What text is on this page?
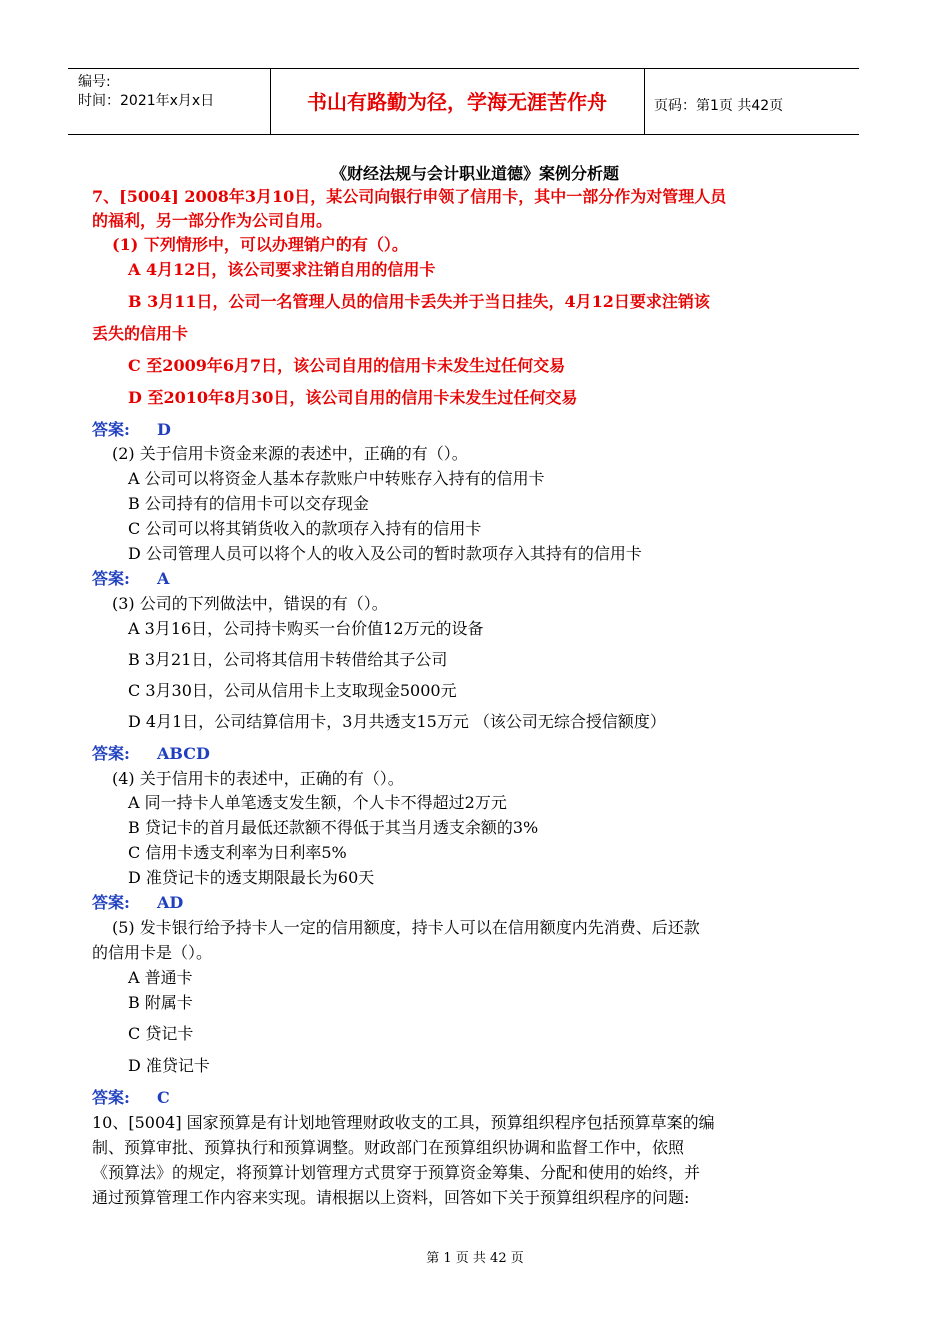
编号:
时间：2021年x月x日	书山有路勤为径，学海无涯苦作舟	页码：第1页 共42页
《财经法规与会计职业道德》案例分析题
7、[5004] 2008年3月10日，某公司向银行申领了信用卡，其中一部分作为对管理人员
的福利，另一部分作为公司自用。
(1) 下列情形中，可以办理销户的有（）。
A 4月12日，该公司要求注销自用的信用卡
B 3月11日，公司一名管理人员的信用卡丢失并于当日挂失，4月12日要求注销该
丢失的信用卡
C 至2009年6月7日，该公司自用的信用卡未发生过任何交易
D 至2010年8月30日，该公司自用的信用卡未发生过任何交易
答案: D
(2) 关于信用卡资金来源的表述中，正确的有（）。
A 公司可以将资金人基本存款账户中转账存入持有的信用卡
B 公司持有的信用卡可以交存现金
C 公司可以将其销货收入的款项存入持有的信用卡
D 公司管理人员可以将个人的收入及公司的暂时款项存入其持有的信用卡
答案: A
(3) 公司的下列做法中，错误的有（）。
A 3月16日，公司持卡购买一台价值12万元的设备
B 3月21日，公司将其信用卡转借给其子公司
C 3月30日，公司从信用卡上支取现金5000元
D 4月1日，公司结算信用卡，3月共透支15万元 （该公司无综合授信额度）
答案: ABCD
(4) 关于信用卡的表述中，正确的有（）。
A 同一持卡人单笔透支发生额，个人卡不得超过2万元
B 贷记卡的首月最低还款额不得低于其当月透支余额的3%
C 信用卡透支利率为日利率5%
D 准贷记卡的透支期限最长为60天
答案: AD
(5) 发卡银行给予持卡人一定的信用额度，持卡人可以在信用额度内先消费、后还款
的信用卡是（）。
A 普通卡
B 附属卡
C 贷记卡
D 准贷记卡
答案: C
10、[5004] 国家预算是有计划地管理财政收支的工具，预算组织程序包括预算草案的编
制、预算审批、预算执行和预算调整。财政部门在预算组织协调和监督工作中，依照
《预算法》的规定，将预算计划管理方式贯穿于预算资金筹集、分配和使用的始终，并
通过预算管理工作内容来实现。请根据以上资料，回答如下关于预算组织程序的问题:
第 1 页 共 42 页
